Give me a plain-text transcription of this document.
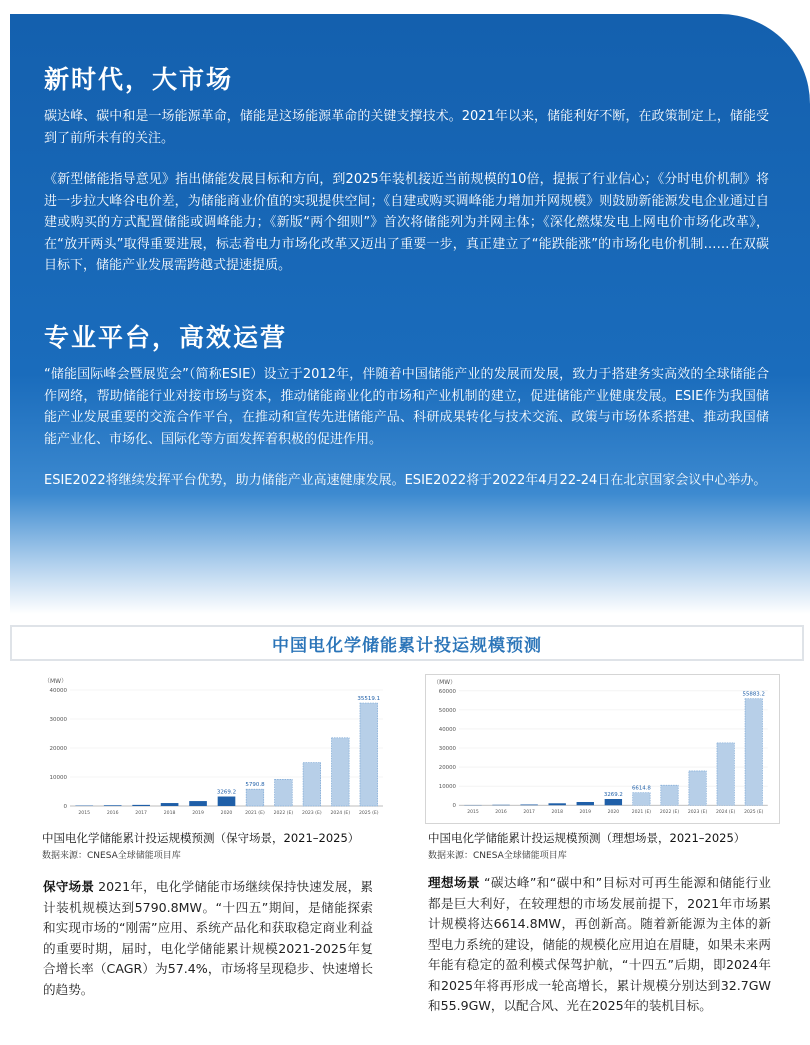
新时代，大市场

碳达峰、碳中和是一场能源革命，储能是这场能源革命的关键支撑技术。2021年以来，储能利好不断，在政策制定上，储能受到了前所未有的关注。

《新型储能指导意见》指出储能发展目标和方向，到2025年装机接近当前规模的10倍，提振了行业信心；《分时电价机制》将进一步拉大峰谷电价差，为储能商业价值的实现提供空间；《自建或购买调峰能力增加并网规模》则鼓励新能源发电企业通过自建或购买的方式配置储能或调峰能力；《新版“两个细则”》首次将储能列为并网主体；《深化燃煤发电上网电价市场化改革》，在“放开两头”取得重要进展，标志着电力市场化改革又迈出了重要一步，真正建立了“能跌能涨”的市场化电价机制……在双碳目标下，储能产业发展需跨越式提速提质。

专业平台，高效运营

“储能国际峰会暨展览会”（简称ESIE）设立于2012年，伴随着中国储能产业的发展而发展，致力于搭建务实高效的全球储能合作网络，帮助储能行业对接市场与资本，推动储能商业化的市场和产业机制的建立，促进储能产业健康发展。ESIE作为我国储能产业发展重要的交流合作平台，在推动和宣传先进储能产品、科研成果转化与技术交流、政策与市场体系搭建、推动我国储能产业化、市场化、国际化等方面发挥着积极的促进作用。

ESIE2022将继续发挥平台优势，助力储能产业高速健康发展。ESIE2022将于2022年4月22-24日在北京国家会议中心举办。

中国电化学储能累计投运规模预测
（MW）
0
10000
20000
30000
40000
2015	2016	2017	2018	2019
3269.2
2020
5790.8
2021 (E) 2022 (E) 2023 (E) 2024 (E)
35519.1
2025 (E)
（MW）
0
10000
20000
30000
40000
50000
60000
2015	2016	2017	2018	2019
3269.2
2020
6614.8
2021 (E) 2022 (E) 2023 (E) 2024 (E)
55883.2
2025 (E)
中国电化学储能累计投运规模预测（保守场景，2021–2025）
数据来源：CNESA全球储能项目库
中国电化学储能累计投运规模预测（理想场景，2021–2025）
数据来源：CNESA全球储能项目库
保守场景 2021年，电化学储能市场继续保持快速发展，累计装机规模达到5790.8MW。“十四五”期间，是储能探索和实现市场的“刚需”应用、系统产品化和获取稳定商业利益的重要时期，届时，电化学储能累计规模2021-2025年复合增长率（CAGR）为57.4%，市场将呈现稳步、快速增长的趋势。
理想场景 “碳达峰”和“碳中和”目标对可再生能源和储能行业都是巨大利好，在较理想的市场发展前提下，2021年市场累计规模将达6614.8MW，再创新高。随着新能源为主体的新型电力系统的建设，储能的规模化应用迫在眉睫，如果未来两年能有稳定的盈利模式保驾护航，“十四五”后期，即2024年和2025年将再形成一轮高增长，累计规模分别达到32.7GW和55.9GW，以配合风、光在2025年的装机目标。
